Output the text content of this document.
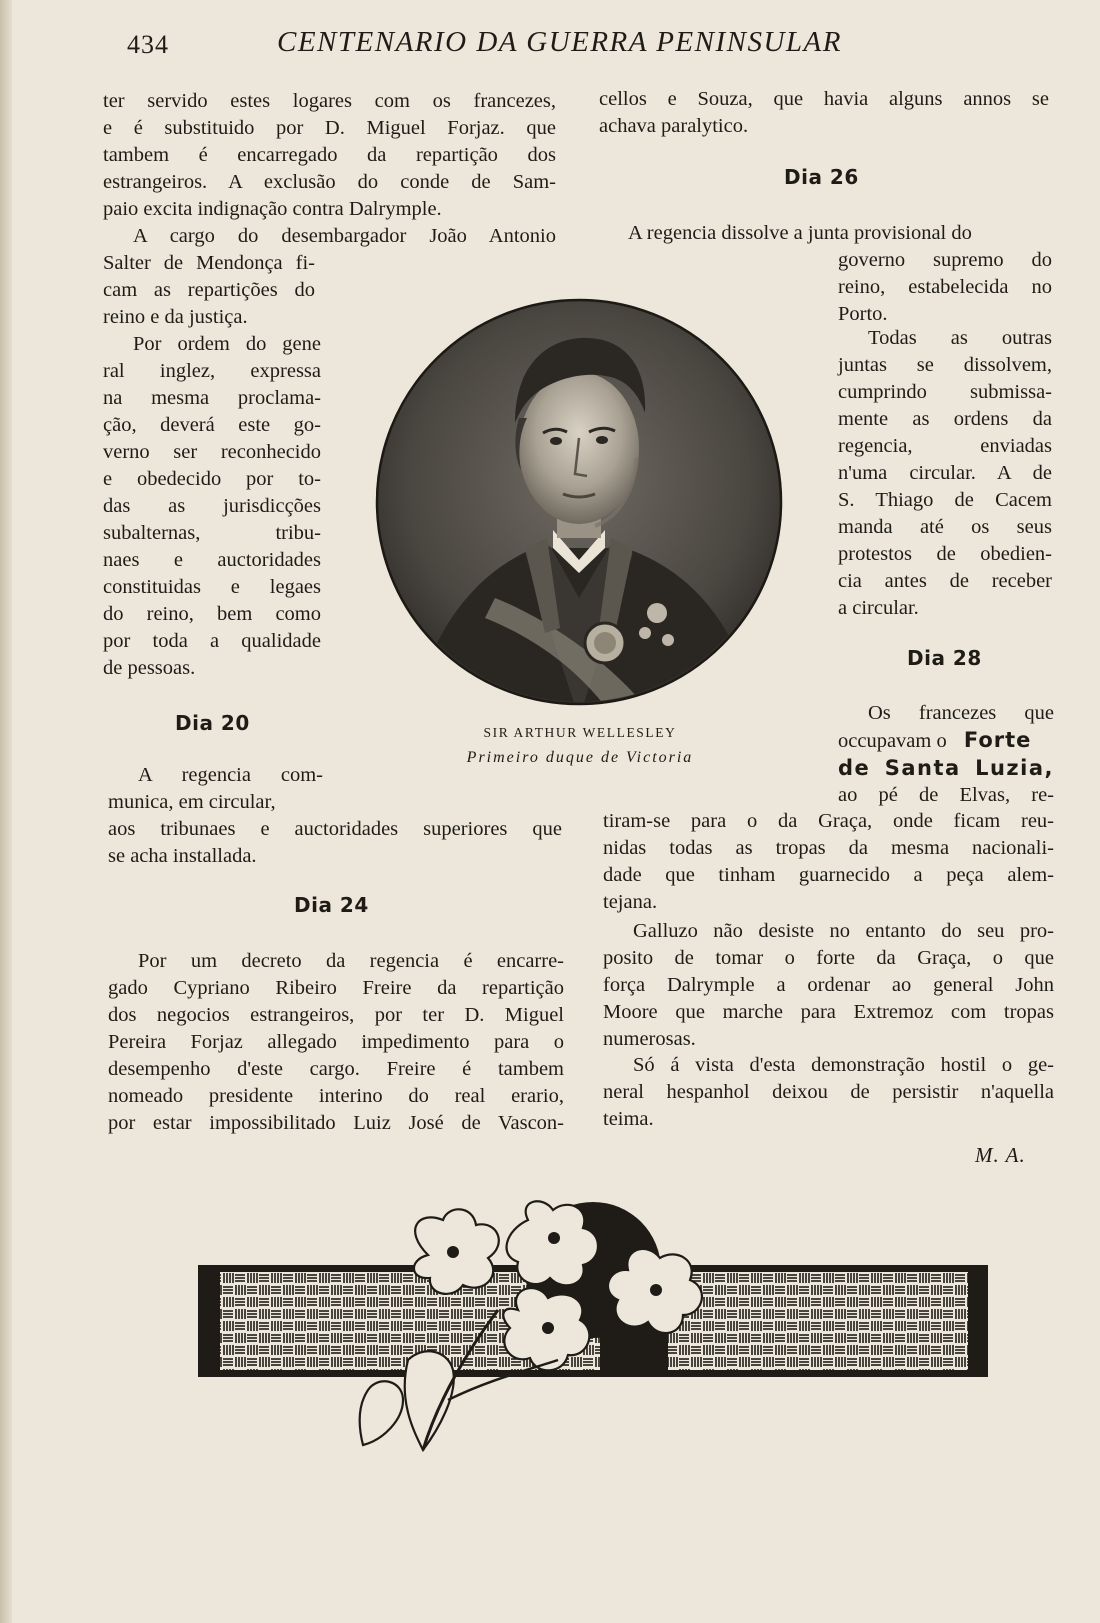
434	CENTENARIO DA GUERRA PENINSULAR
ter servido estes logares com os francezes,
e é substituido por D. Miguel Forjaz. que
tambem é encarregado da repartição dos
estrangeiros. A exclusão do conde de Sam-
paio excita indignação contra Dalrymple.
A cargo do desembargador João Antonio
Salter de Mendonça fi-
cam as repartições do
reino e da justiça.
Por ordem do gene
ral inglez, expressa
na mesma proclama-
ção, deverá este go-
verno ser reconhecido
e obedecido por to-
das as jurisdicções
subalternas, tribu-
naes e auctoridades
constituidas e legaes
do reino, bem como
por toda a qualidade
de pessoas.
Dia 20
A regencia com-
munica, em circular,
aos tribunaes e auctoridades superiores que
se acha installada.
Dia 24
Por um decreto da regencia é encarre-
gado Cypriano Ribeiro Freire da repartição
dos negocios estrangeiros, por ter D. Miguel
Pereira Forjaz allegado impedimento para o
desempenho d'este cargo. Freire é tambem
nomeado presidente interino do real erario,
por estar impossibilitado Luiz José de Vascon-
cellos e Souza, que havia alguns annos se
achava paralytico.
Dia 26
A regencia dissolve a junta provisional do
governo supremo do
reino, estabelecida no
Porto.
Todas as outras
juntas se dissolvem,
cumprindo submissa-
mente as ordens da
regencia, enviadas
n'uma circular. A de
S. Thiago de Cacem
manda até os seus
protestos de obedien-
cia antes de receber
a circular.
Dia 28
Os francezes que
occupavam o Forte
de Santa Luzia,
ao pé de Elvas, re-
tiram-se para o da Graça, onde ficam reu-
nidas todas as tropas da mesma nacionali-
dade que tinham guarnecido a peça alem-
tejana.
Galluzo não desiste no entanto do seu pro-
posito de tomar o forte da Graça, o que
força Dalrymple a ordenar ao general John
Moore que marche para Extremoz com tropas
numerosas.
Só á vista d'esta demonstração hostil o ge-
neral hespanhol deixou de persistir n'aquella
teima.
M. A.
SIR ARTHUR WELLESLEY
Primeiro duque de Victoria
